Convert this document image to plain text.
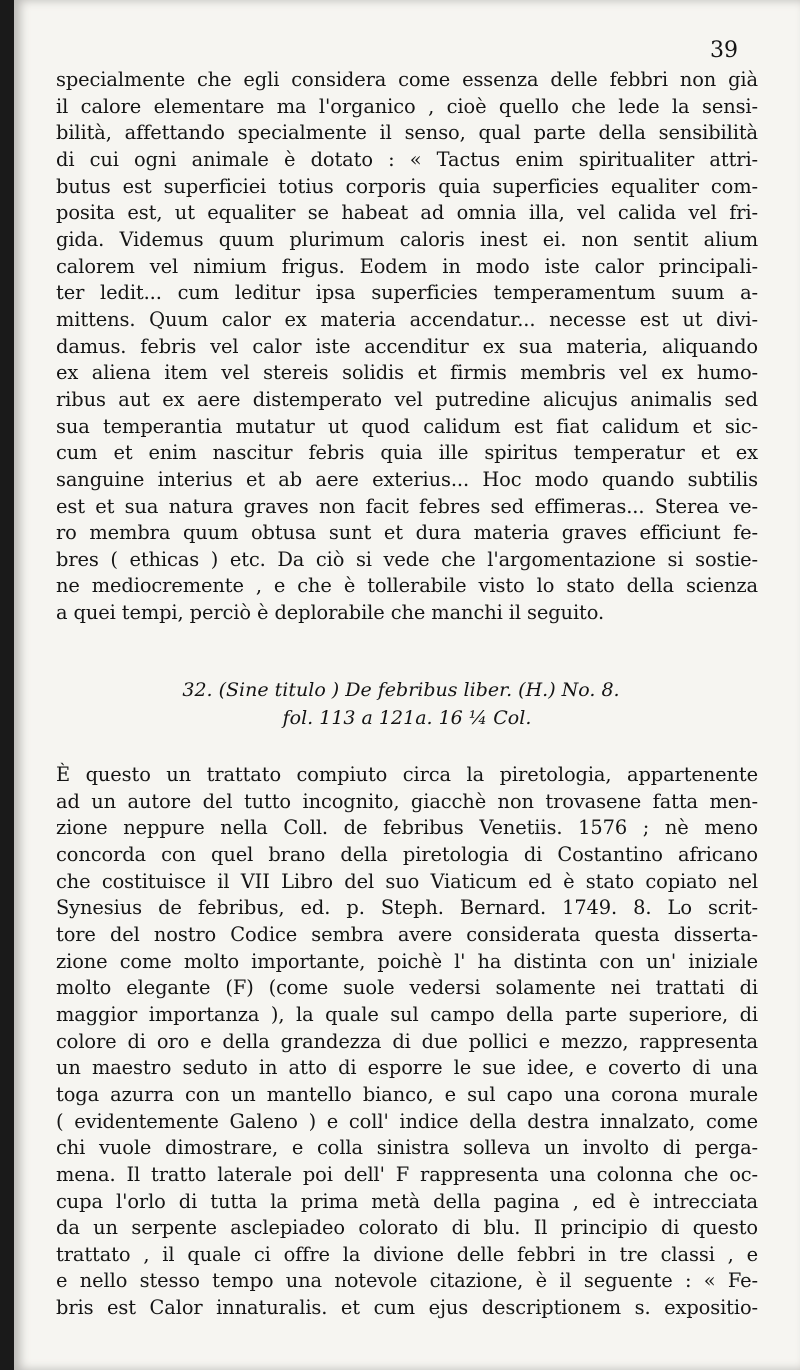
39

specialmente che egli considera come essenza delle febbri non già
il calore elementare ma l'organico , cioè quello che lede la sensi-
bilità, affettando specialmente il senso, qual parte della sensibilità
di cui ogni animale è dotato : « Tactus enim spiritualiter attri-
butus est superficiei totius corporis quia superficies equaliter com-
posita est, ut equaliter se habeat ad omnia illa, vel calida vel fri-
gida. Videmus quum plurimum caloris inest ei. non sentit alium
calorem vel nimium frigus. Eodem in modo iste calor principali-
ter ledit... cum leditur ipsa superficies temperamentum suum a-
mittens. Quum calor ex materia accendatur... necesse est ut divi-
damus. febris vel calor iste accenditur ex sua materia, aliquando
ex aliena item vel stereis solidis et firmis membris vel ex humo-
ribus aut ex aere distemperato vel putredine alicujus animalis sed
sua temperantia mutatur ut quod calidum est fiat calidum et sic-
cum et enim nascitur febris quia ille spiritus temperatur et ex
sanguine interius et ab aere exterius... Hoc modo quando subtilis
est et sua natura graves non facit febres sed effimeras... Sterea ve-
ro membra quum obtusa sunt et dura materia graves efficiunt fe-
bres ( ethicas ) etc. Da ciò si vede che l'argomentazione si sostie-
ne mediocremente , e che è tollerabile visto lo stato della scienza
a quei tempi, perciò è deplorabile che manchi il seguito.

32. (Sine titulo ) De febribus liber. (H.) No. 8.
fol. 113 a 121a. 16 ¼ Col.

È questo un trattato compiuto circa la piretologia, appartenente
ad un autore del tutto incognito, giacchè non trovasene fatta men-
zione neppure nella Coll. de febribus Venetiis. 1576 ; nè meno
concorda con quel brano della piretologia di Costantino africano
che costituisce il VII Libro del suo Viaticum ed è stato copiato nel
Synesius de febribus, ed. p. Steph. Bernard. 1749. 8. Lo scrit-
tore del nostro Codice sembra avere considerata questa disserta-
zione come molto importante, poichè l' ha distinta con un' iniziale
molto elegante (F) (come suole vedersi solamente nei trattati di
maggior importanza ), la quale sul campo della parte superiore, di
colore di oro e della grandezza di due pollici e mezzo, rappresenta
un maestro seduto in atto di esporre le sue idee, e coverto di una
toga azurra con un mantello bianco, e sul capo una corona murale
( evidentemente Galeno ) e coll' indice della destra innalzato, come
chi vuole dimostrare, e colla sinistra solleva un involto di perga-
mena. Il tratto laterale poi dell' F rappresenta una colonna che oc-
cupa l'orlo di tutta la prima metà della pagina , ed è intrecciata
da un serpente asclepiadeo colorato di blu. Il principio di questo
trattato , il quale ci offre la divione delle febbri in tre classi , e
e nello stesso tempo una notevole citazione, è il seguente : « Fe-
bris est Calor innaturalis. et cum ejus descriptionem s. expositio-
